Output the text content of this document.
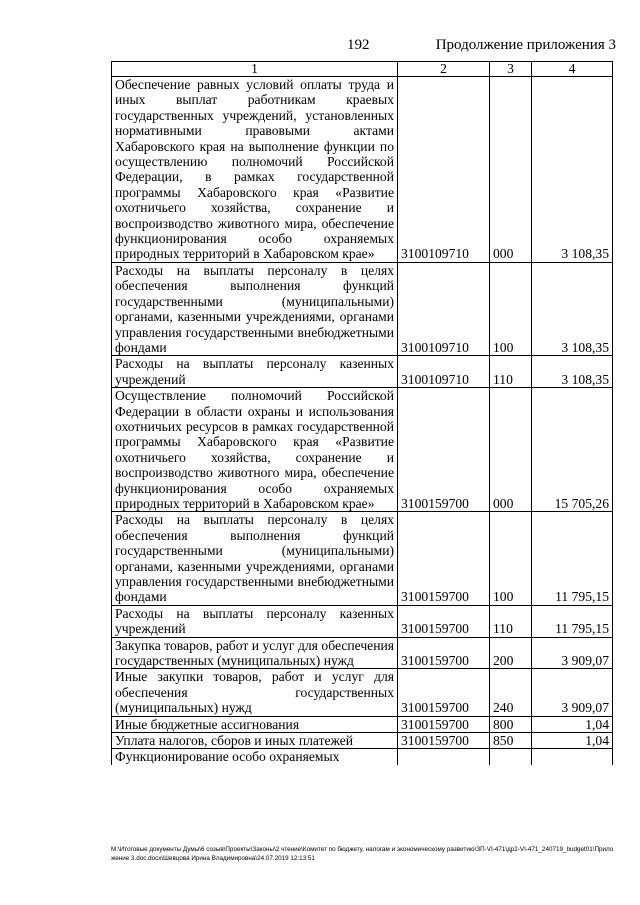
192	Продолжение приложения 3
1	2	3	4
Обеспечение равных условий оплаты труда и иных выплат работникам краевых государственных учреждений, установленных нормативными правовыми актами Хабаровского края на выполнение функции по осуществлению полномочий Российской Федерации, в рамках государственной программы Хабаровского края «Развитие охотничьего хозяйства, сохранение и воспроизводство животного мира, обеспечение функционирования особо охраняемых природных территорий в Хабаровском крае»	3100109710	000	3 108,35
Расходы на выплаты персоналу в целях обеспечения выполнения функций государственными (муниципальными) органами, казенными учреждениями, органами управления государственными внебюджетными фондами	3100109710	100	3 108,35
Расходы на выплаты персоналу казенных учреждений	3100109710	110	3 108,35
Осуществление полномочий Российской Федерации в области охраны и использования охотничьих ресурсов в рамках государственной программы Хабаровского края «Развитие охотничьего хозяйства, сохранение и воспроизводство животного мира, обеспечение функционирования особо охраняемых природных территорий в Хабаровском крае»	3100159700	000	15 705,26
Расходы на выплаты персоналу в целях обеспечения выполнения функций государственными (муниципальными) органами, казенными учреждениями, органами управления государственными внебюджетными фондами	3100159700	100	11 795,15
Расходы на выплаты персоналу казенных учреждений	3100159700	110	11 795,15
Закупка товаров, работ и услуг для обеспечения государственных (муниципальных) нужд	3100159700	200	3 909,07
Иные закупки товаров, работ и услуг для обеспечения государственных (муниципальных) нужд	3100159700	240	3 909,07
Иные бюджетные ассигнования	3100159700	800	1,04
Уплата налогов, сборов и иных платежей	3100159700	850	1,04
Функционирование особо охраняемых			
M:\Итоговые документы Думы\6 созыв\Проекты\Законы\2 чтение\Комитет по бюджету, налогам и экономическому развитию\ЗП-VI-471\др2-VI-471_240719_budget01\Приложение 3.doc.docx\Шевцова Ирина Владимировна\24.07.2019 12:13:51
